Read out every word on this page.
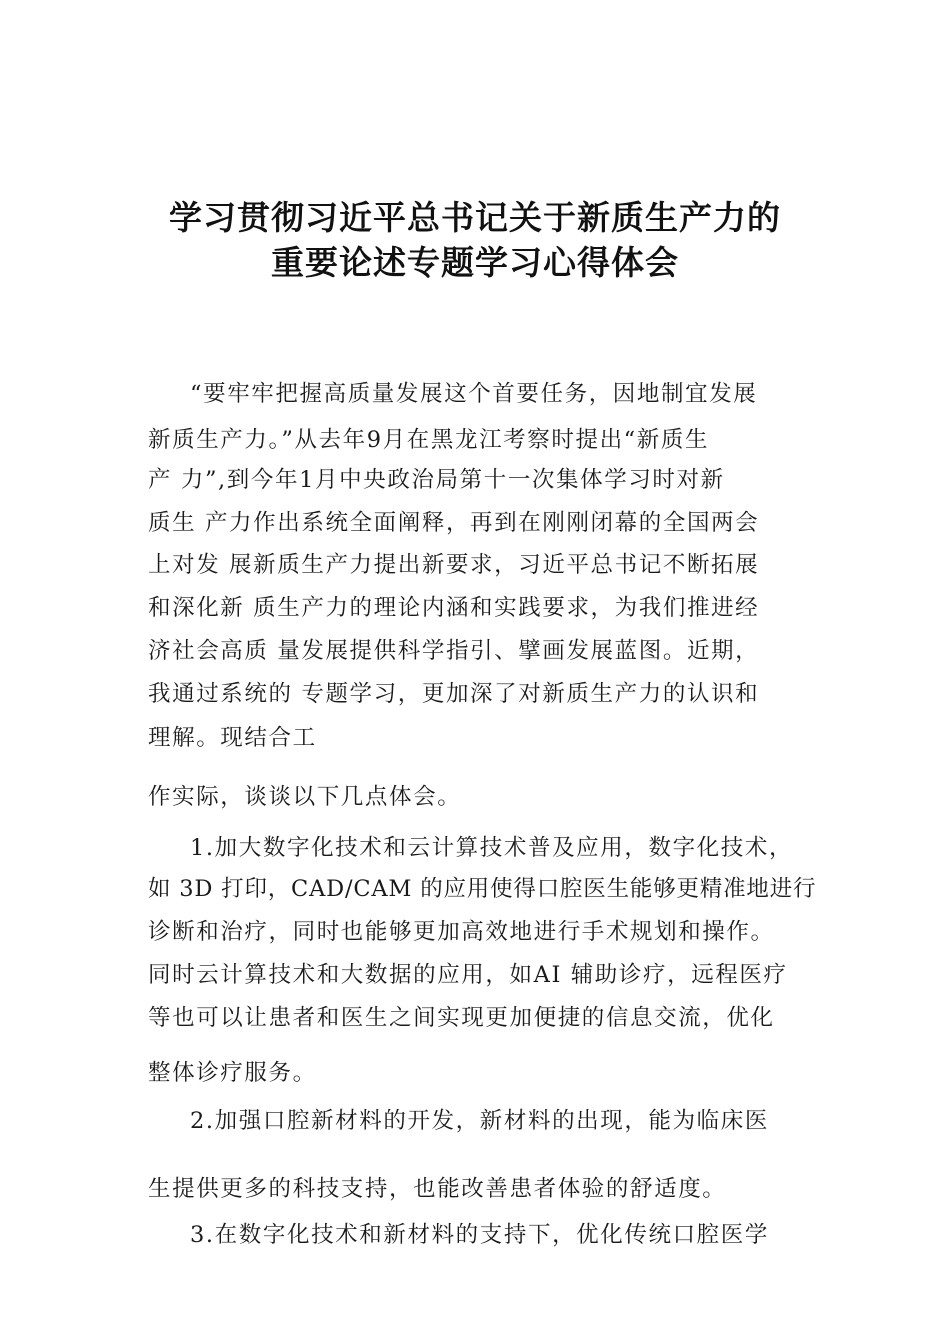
学习贯彻习近平总书记关于新质生产力的
重要论述专题学习心得体会
“要牢牢把握高质量发展这个首要任务，因地制宜发展
新质生产力。”从去年9月在黑龙江考察时提出“新质生
产 力”,到今年1月中央政治局第十一次集体学习时对新
质生 产力作出系统全面阐释，再到在刚刚闭幕的全国两会
上对发 展新质生产力提出新要求，习近平总书记不断拓展
和深化新 质生产力的理论内涵和实践要求，为我们推进经
济社会高质 量发展提供科学指引、擘画发展蓝图。近期，
我通过系统的 专题学习，更加深了对新质生产力的认识和
理解。现结合工
作实际，谈谈以下几点体会。
1.加大数字化技术和云计算技术普及应用，数字化技术，
如 3D 打印，CAD/CAM 的应用使得口腔医生能够更精准地进行
诊断和治疗，同时也能够更加高效地进行手术规划和操作。
同时云计算技术和大数据的应用，如AI 辅助诊疗，远程医疗
等也可以让患者和医生之间实现更加便捷的信息交流，优化
整体诊疗服务。
2.加强口腔新材料的开发，新材料的出现，能为临床医
生提供更多的科技支持，也能改善患者体验的舒适度。
3.在数字化技术和新材料的支持下，优化传统口腔医学
